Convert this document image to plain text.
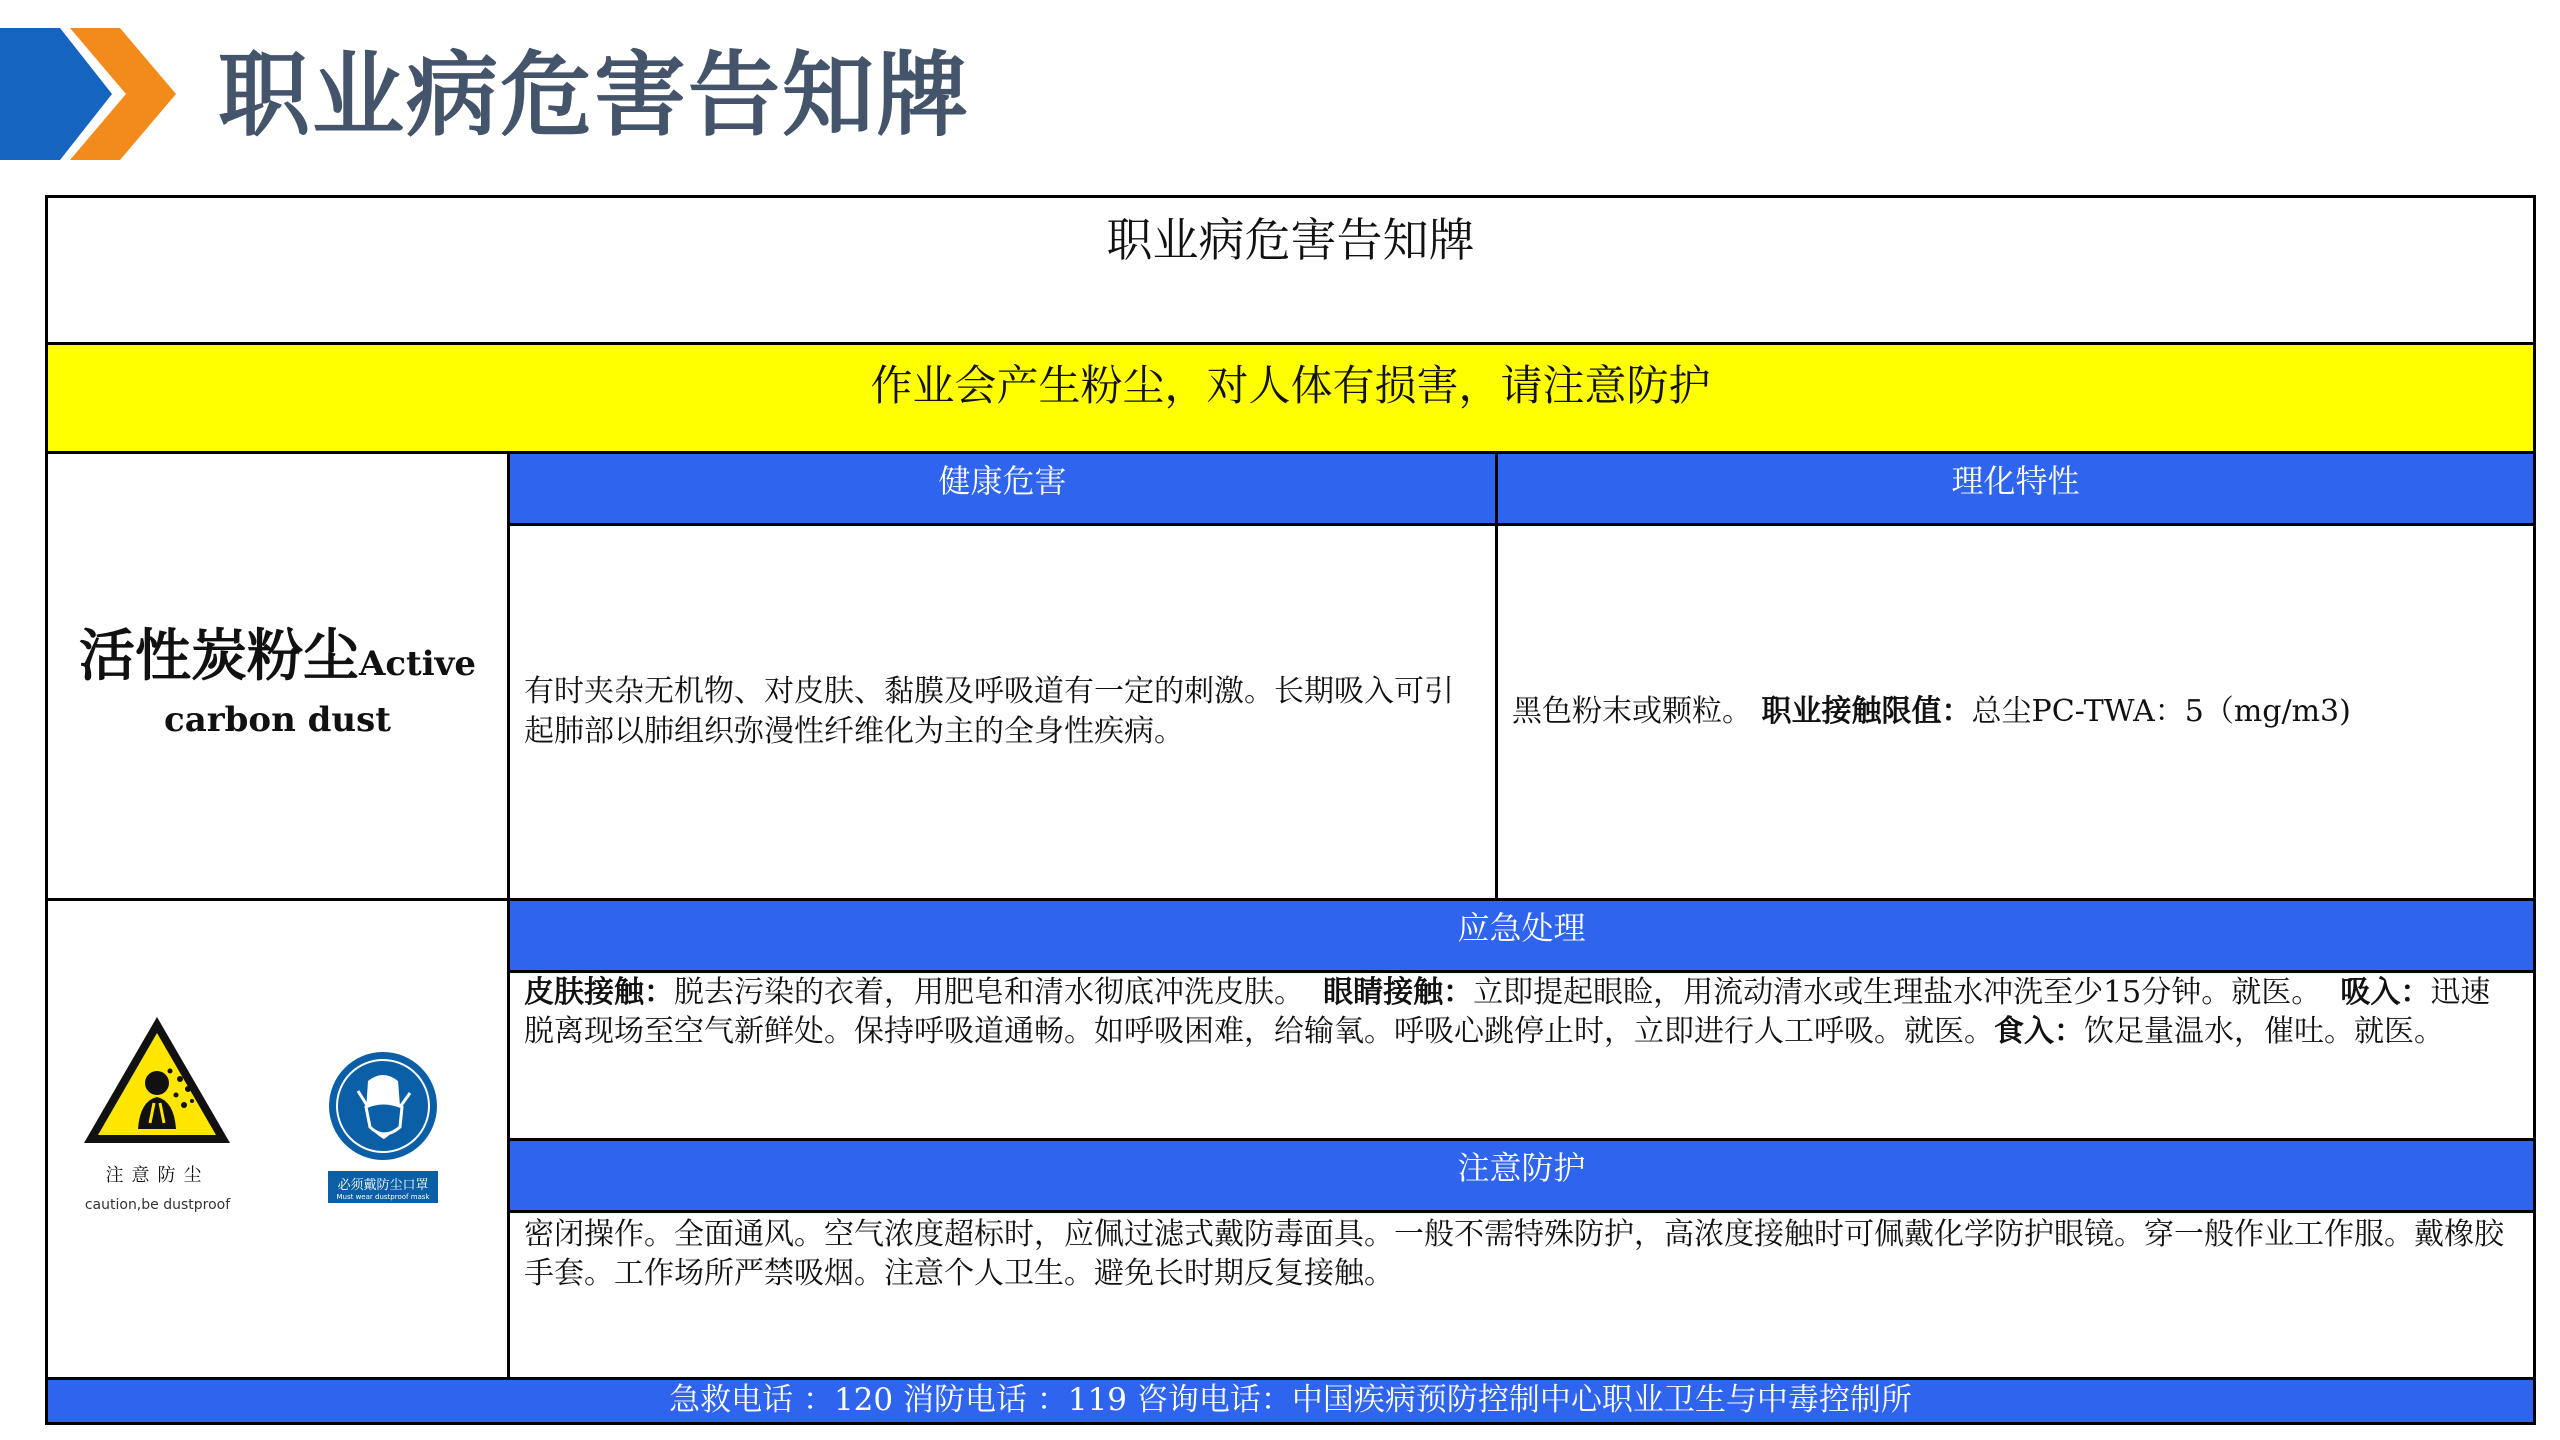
职业病危害告知牌
职业病危害告知牌
作业会产生粉尘，对人体有损害，请注意防护
活性炭粉尘Active
carbon dust
健康危害	理化特性
有时夹杂无机物、对皮肤、黏膜及呼吸道有一定的刺激。长期吸入可引起肺部以肺组织弥漫性纤维化为主的全身性疾病。
黑色粉末或颗粒。 职业接触限值：总尘PC-TWA：5（mg/m3)
注意防尘
caution,be dustproof
必须戴防尘口罩
Must wear dustproof mask
应急处理
皮肤接触：脱去污染的衣着，用肥皂和清水彻底冲洗皮肤。 眼睛接触：立即提起眼睑，用流动清水或生理盐水冲洗至少15分钟。就医。 吸入：迅速脱离现场至空气新鲜处。保持呼吸道通畅。如呼吸困难，给输氧。呼吸心跳停止时，立即进行人工呼吸。就医。食入：饮足量温水，催吐。就医。
注意防护
密闭操作。全面通风。空气浓度超标时，应佩过滤式戴防毒面具。一般不需特殊防护，高浓度接触时可佩戴化学防护眼镜。穿一般作业工作服。戴橡胶手套。工作场所严禁吸烟。注意个人卫生。避免长时期反复接触。
急救电话 ：120 消防电话 ：119 咨询电话：中国疾病预防控制中心职业卫生与中毒控制所
